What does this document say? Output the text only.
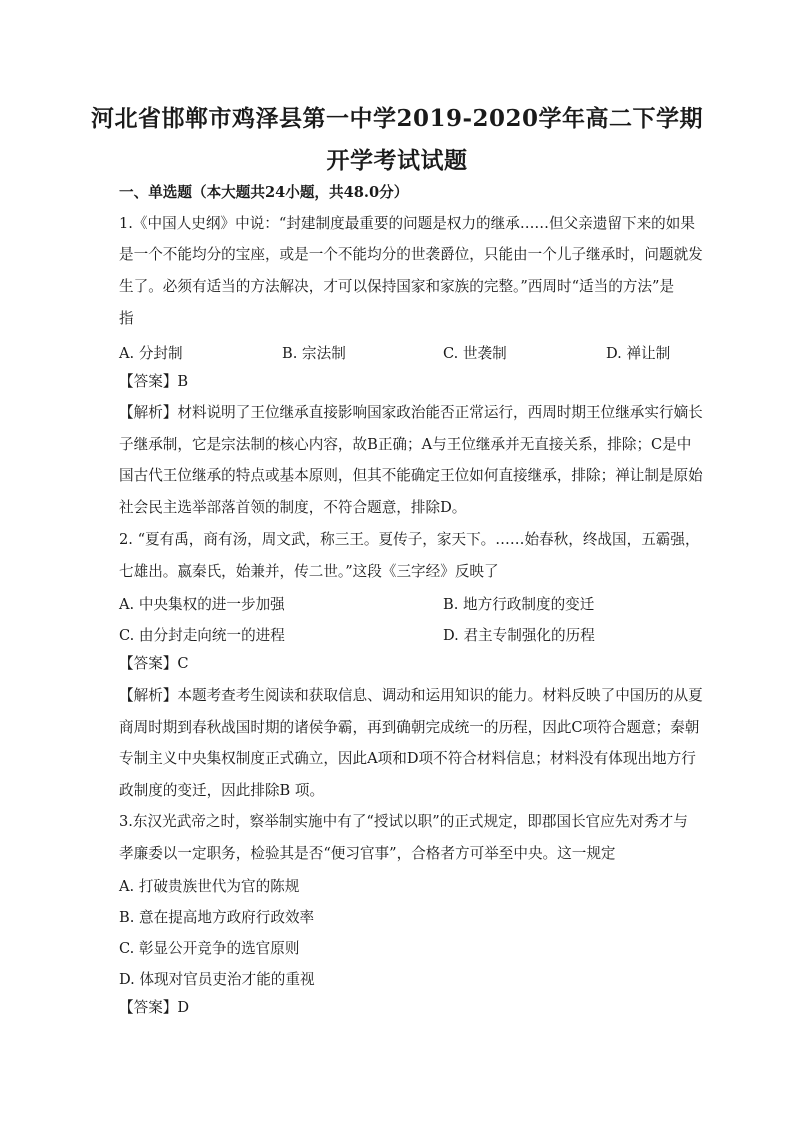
河北省邯郸市鸡泽县第一中学2019-2020学年高二下学期
开学考试试题
一、单选题（本大题共24小题，共48.0分）
1.《中国人史纲》中说：“封建制度最重要的问题是权力的继承……但父亲遗留下来的如果
是一个不能均分的宝座，或是一个不能均分的世袭爵位，只能由一个儿子继承时，问题就发
生了。必须有适当的方法解决，才可以保持国家和家族的完整。”西周时“适当的方法”是
指
A. 分封制	B. 宗法制	C. 世袭制	D. 禅让制
【答案】B
【解析】材料说明了王位继承直接影响国家政治能否正常运行，西周时期王位继承实行嫡长
子继承制，它是宗法制的核心内容，故B正确；A与王位继承并无直接关系，排除；C是中
国古代王位继承的特点或基本原则，但其不能确定王位如何直接继承，排除；禅让制是原始
社会民主选举部落首领的制度，不符合题意，排除D。
2. “夏有禹，商有汤，周文武，称三王。夏传子，家天下。……始春秋，终战国，五霸强，
七雄出。嬴秦氏，始兼并，传二世。”这段《三字经》反映了
A. 中央集权的进一步加强	B. 地方行政制度的变迁
C. 由分封走向统一的进程	D. 君主专制强化的历程
【答案】C
【解析】本题考查考生阅读和获取信息、调动和运用知识的能力。材料反映了中国历的从夏
商周时期到春秋战国时期的诸侯争霸，再到确朝完成统一的历程，因此C项符合题意；秦朝
专制主义中央集权制度正式确立，因此A项和D项不符合材料信息；材料没有体现出地方行
政制度的变迁，因此排除B 项。
3.东汉光武帝之时，察举制实施中有了“授试以职”的正式规定，即郡国长官应先对秀才与
孝廉委以一定职务，检验其是否“便习官事”，合格者方可举至中央。这一规定
A. 打破贵族世代为官的陈规
B. 意在提高地方政府行政效率
C. 彰显公开竞争的选官原则
D. 体现对官员吏治才能的重视
【答案】D
